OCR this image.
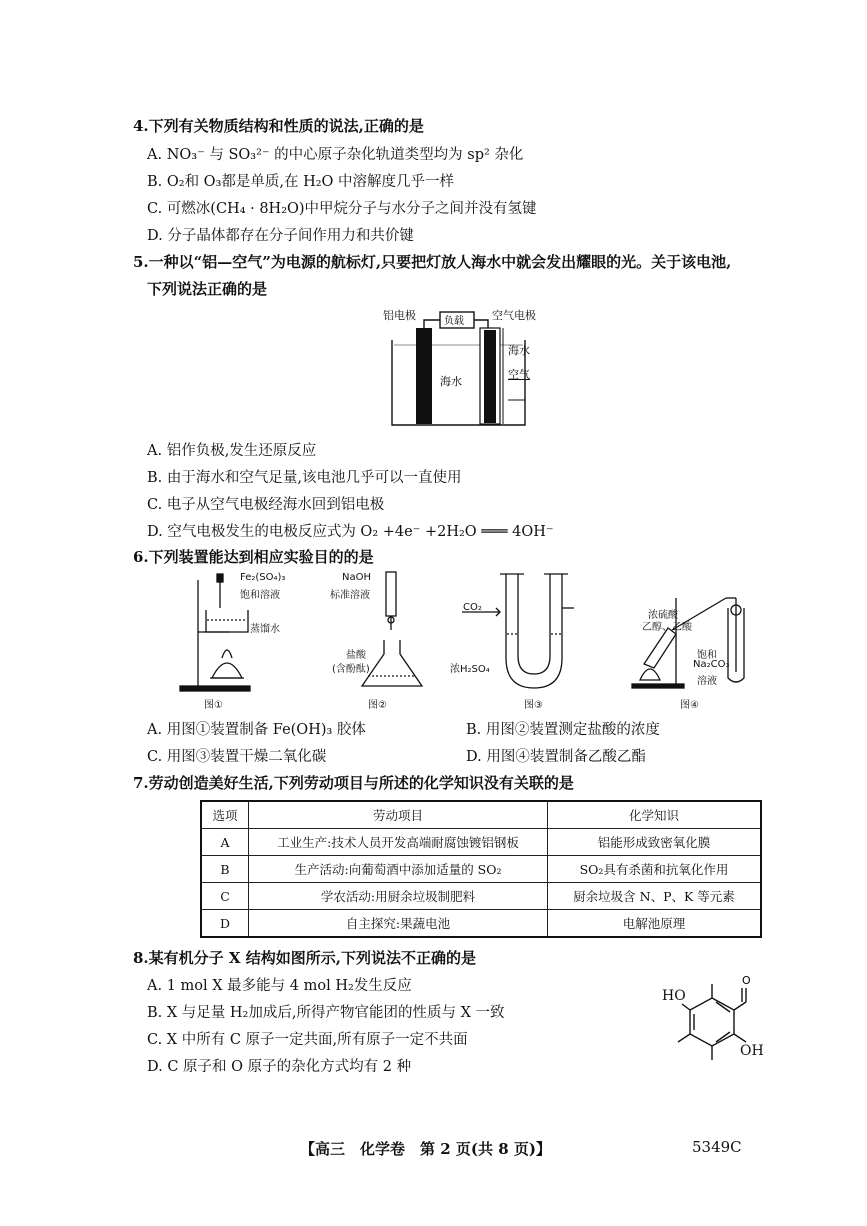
4.下列有关物质结构和性质的说法,正确的是
A. NO₃⁻ 与 SO₃²⁻ 的中心原子杂化轨道类型均为 sp² 杂化
B. O₂和 O₃都是单质,在 H₂O 中溶解度几乎一样
C. 可燃冰(CH₄ · 8H₂O)中甲烷分子与水分子之间并没有氢键
D. 分子晶体都存在分子间作用力和共价键
5.一种以“铝—空气”为电源的航标灯,只要把灯放人海水中就会发出耀眼的光。关于该电池,
下列说法正确的是
海水
负载
铝电极	空气电极
海水
空气
A. 铝作负极,发生还原反应
B. 由于海水和空气足量,该电池几乎可以一直使用
C. 电子从空气电极经海水回到铝电极
D. 空气电极发生的电极反应式为 O₂ +4e⁻ +2H₂O ═══ 4OH⁻
6.下列装置能达到相应实验目的的是
Fe₂(SO₄)₃
饱和溶液
蒸馏水
图①
NaOH
标准溶液
盐酸
(含酚酞)
图②
CO₂
浓H₂SO₄
图③
浓硫酸
乙醇、乙酸
饱和
Na₂CO₃
溶液
图④
A. 用图①装置制备 Fe(OH)₃ 胶体	B. 用图②装置测定盐酸的浓度
C. 用图③装置干燥二氧化碳	D. 用图④装置制备乙酸乙酯
7.劳动创造美好生活,下列劳动项目与所述的化学知识没有关联的是
选项	劳动项目	化学知识
A	工业生产:技术人员开发高端耐腐蚀镀铝钢板	铝能形成致密氧化膜
B	生产活动:向葡萄酒中添加适量的 SO₂	SO₂具有杀菌和抗氧化作用
C	学农活动:用厨余垃圾制肥料	厨余垃圾含 N、P、K 等元素
D	自主探究:果蔬电池	电解池原理
8.某有机分子 X 结构如图所示,下列说法不正确的是
A. 1 mol X 最多能与 4 mol H₂发生反应
B. X 与足量 H₂加成后,所得产物官能团的性质与 X 一致
C. X 中所有 C 原子一定共面,所有原子一定不共面
D. C 原子和 O 原子的杂化方式均有 2 种
O
HO
OH
【高三　化学卷　第 2 页(共 8 页)】	5349C
